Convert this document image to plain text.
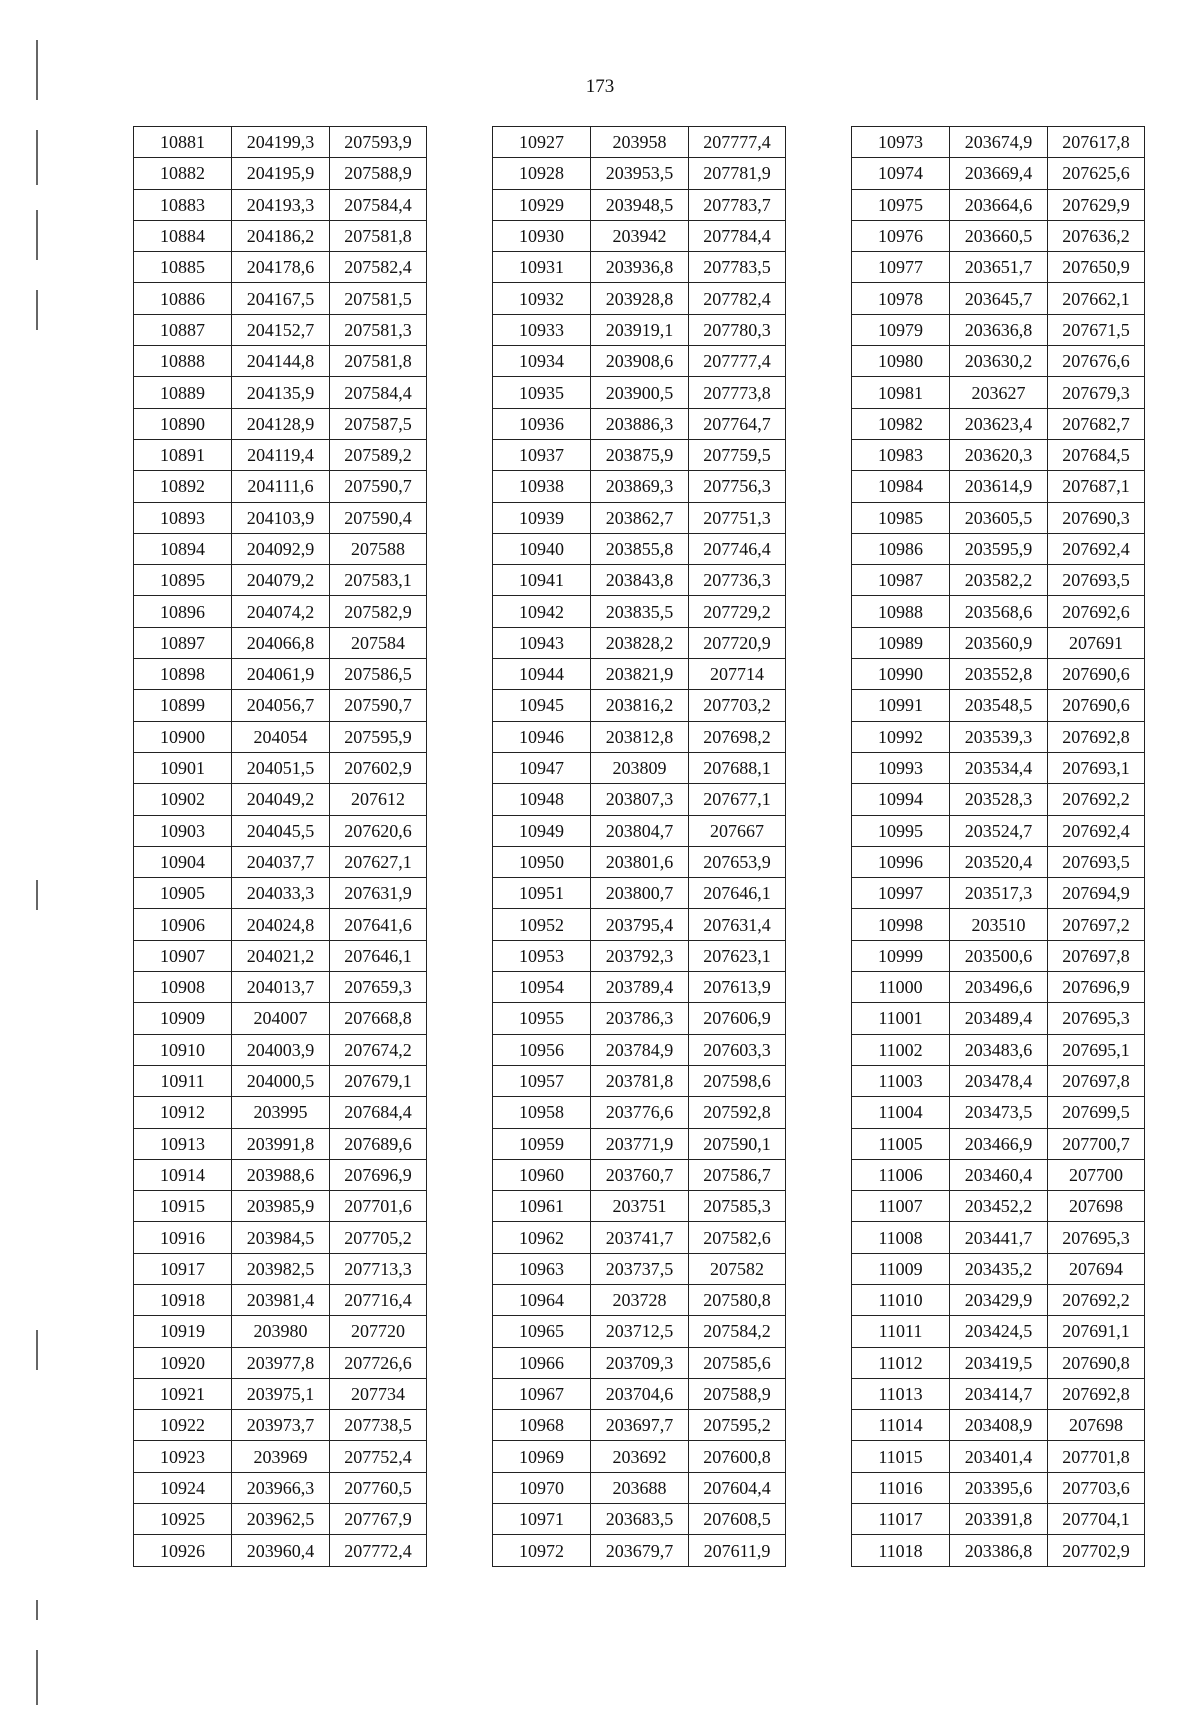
173
10881	204199,3	207593,9
10882	204195,9	207588,9
10883	204193,3	207584,4
10884	204186,2	207581,8
10885	204178,6	207582,4
10886	204167,5	207581,5
10887	204152,7	207581,3
10888	204144,8	207581,8
10889	204135,9	207584,4
10890	204128,9	207587,5
10891	204119,4	207589,2
10892	204111,6	207590,7
10893	204103,9	207590,4
10894	204092,9	207588
10895	204079,2	207583,1
10896	204074,2	207582,9
10897	204066,8	207584
10898	204061,9	207586,5
10899	204056,7	207590,7
10900	204054	207595,9
10901	204051,5	207602,9
10902	204049,2	207612
10903	204045,5	207620,6
10904	204037,7	207627,1
10905	204033,3	207631,9
10906	204024,8	207641,6
10907	204021,2	207646,1
10908	204013,7	207659,3
10909	204007	207668,8
10910	204003,9	207674,2
10911	204000,5	207679,1
10912	203995	207684,4
10913	203991,8	207689,6
10914	203988,6	207696,9
10915	203985,9	207701,6
10916	203984,5	207705,2
10917	203982,5	207713,3
10918	203981,4	207716,4
10919	203980	207720
10920	203977,8	207726,6
10921	203975,1	207734
10922	203973,7	207738,5
10923	203969	207752,4
10924	203966,3	207760,5
10925	203962,5	207767,9
10926	203960,4	207772,4
10927	203958	207777,4
10928	203953,5	207781,9
10929	203948,5	207783,7
10930	203942	207784,4
10931	203936,8	207783,5
10932	203928,8	207782,4
10933	203919,1	207780,3
10934	203908,6	207777,4
10935	203900,5	207773,8
10936	203886,3	207764,7
10937	203875,9	207759,5
10938	203869,3	207756,3
10939	203862,7	207751,3
10940	203855,8	207746,4
10941	203843,8	207736,3
10942	203835,5	207729,2
10943	203828,2	207720,9
10944	203821,9	207714
10945	203816,2	207703,2
10946	203812,8	207698,2
10947	203809	207688,1
10948	203807,3	207677,1
10949	203804,7	207667
10950	203801,6	207653,9
10951	203800,7	207646,1
10952	203795,4	207631,4
10953	203792,3	207623,1
10954	203789,4	207613,9
10955	203786,3	207606,9
10956	203784,9	207603,3
10957	203781,8	207598,6
10958	203776,6	207592,8
10959	203771,9	207590,1
10960	203760,7	207586,7
10961	203751	207585,3
10962	203741,7	207582,6
10963	203737,5	207582
10964	203728	207580,8
10965	203712,5	207584,2
10966	203709,3	207585,6
10967	203704,6	207588,9
10968	203697,7	207595,2
10969	203692	207600,8
10970	203688	207604,4
10971	203683,5	207608,5
10972	203679,7	207611,9
10973	203674,9	207617,8
10974	203669,4	207625,6
10975	203664,6	207629,9
10976	203660,5	207636,2
10977	203651,7	207650,9
10978	203645,7	207662,1
10979	203636,8	207671,5
10980	203630,2	207676,6
10981	203627	207679,3
10982	203623,4	207682,7
10983	203620,3	207684,5
10984	203614,9	207687,1
10985	203605,5	207690,3
10986	203595,9	207692,4
10987	203582,2	207693,5
10988	203568,6	207692,6
10989	203560,9	207691
10990	203552,8	207690,6
10991	203548,5	207690,6
10992	203539,3	207692,8
10993	203534,4	207693,1
10994	203528,3	207692,2
10995	203524,7	207692,4
10996	203520,4	207693,5
10997	203517,3	207694,9
10998	203510	207697,2
10999	203500,6	207697,8
11000	203496,6	207696,9
11001	203489,4	207695,3
11002	203483,6	207695,1
11003	203478,4	207697,8
11004	203473,5	207699,5
11005	203466,9	207700,7
11006	203460,4	207700
11007	203452,2	207698
11008	203441,7	207695,3
11009	203435,2	207694
11010	203429,9	207692,2
11011	203424,5	207691,1
11012	203419,5	207690,8
11013	203414,7	207692,8
11014	203408,9	207698
11015	203401,4	207701,8
11016	203395,6	207703,6
11017	203391,8	207704,1
11018	203386,8	207702,9
